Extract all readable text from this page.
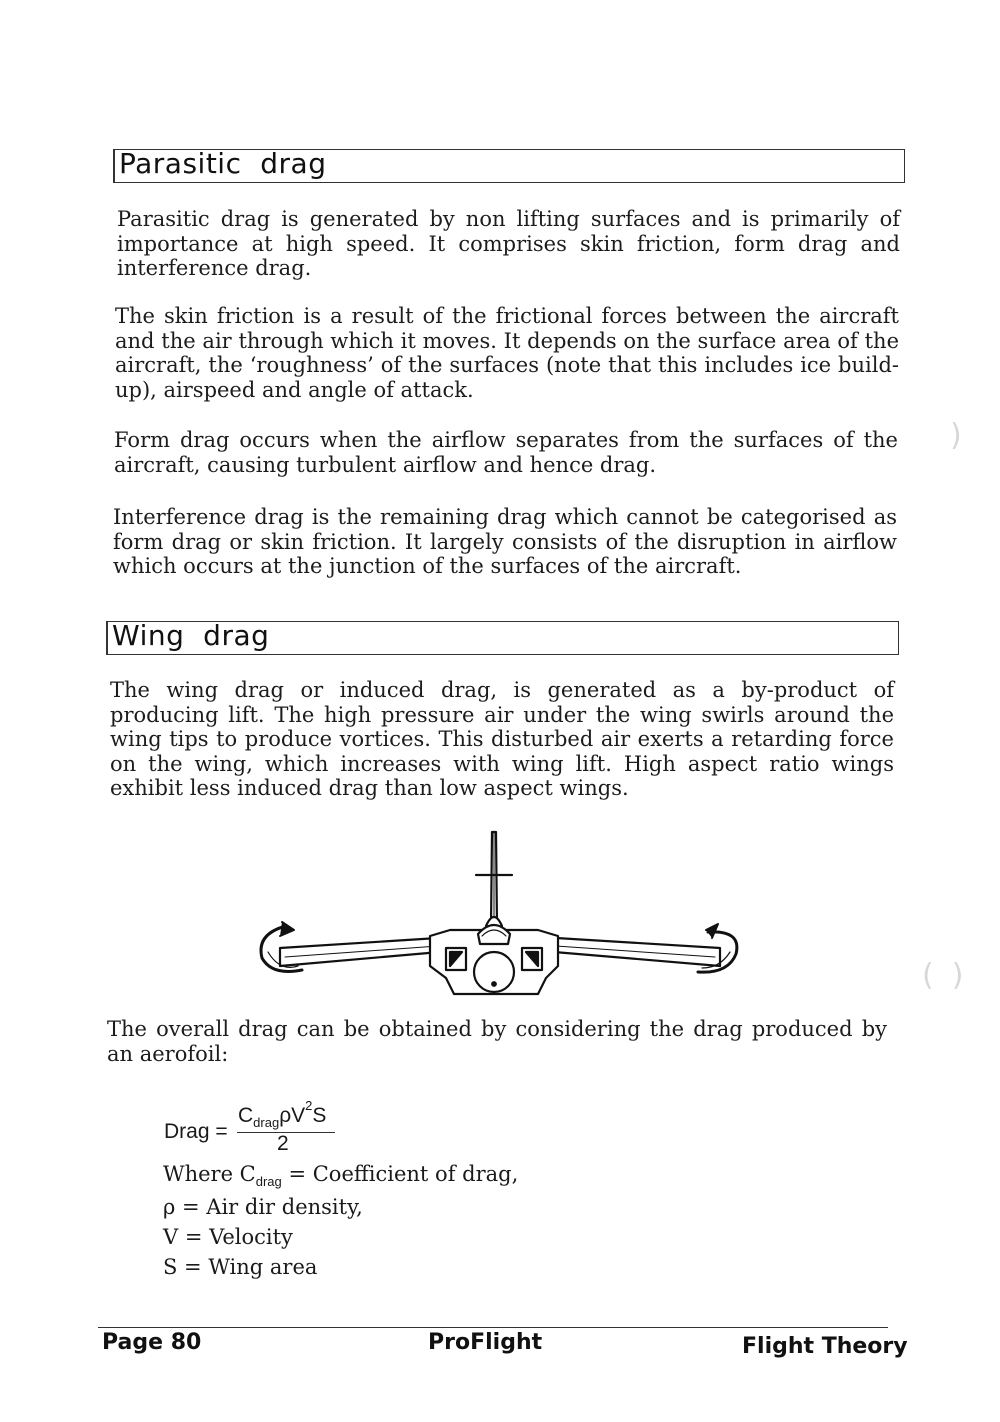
Parasitic  drag

Parasitic drag is generated by non lifting surfaces and is primarily of importance at high speed. It comprises skin friction, form drag and interference drag.

The skin friction is a result of the frictional forces between the aircraft and the air through which it moves. It depends on the surface area of the aircraft, the ‘roughness’ of the surfaces (note that this includes ice build-up), airspeed and angle of attack.

Form drag occurs when the airflow separates from the surfaces of the aircraft, causing turbulent airflow and hence drag.

Interference drag is the remaining drag which cannot be categorised as form drag or skin friction. It largely consists of the disruption in airflow which occurs at the junction of the surfaces of the aircraft.

Wing  drag

The wing drag or induced drag, is generated as a by-product of producing lift. The high pressure air under the wing swirls around the wing tips to produce vortices. This disturbed air exerts a retarding force on the wing, which increases with wing lift. High aspect ratio wings exhibit less induced drag than low aspect wings.

The overall drag can be obtained by considering the drag produced by an aerofoil:

Drag =
$C_{drag}\rho V^2S$
2
Where $C_{drag}$ = Coefficient of drag,
ρ = Air dir density,
V = Velocity
S = Wing area
)
()
Page 80	ProFlight	Flight Theory
